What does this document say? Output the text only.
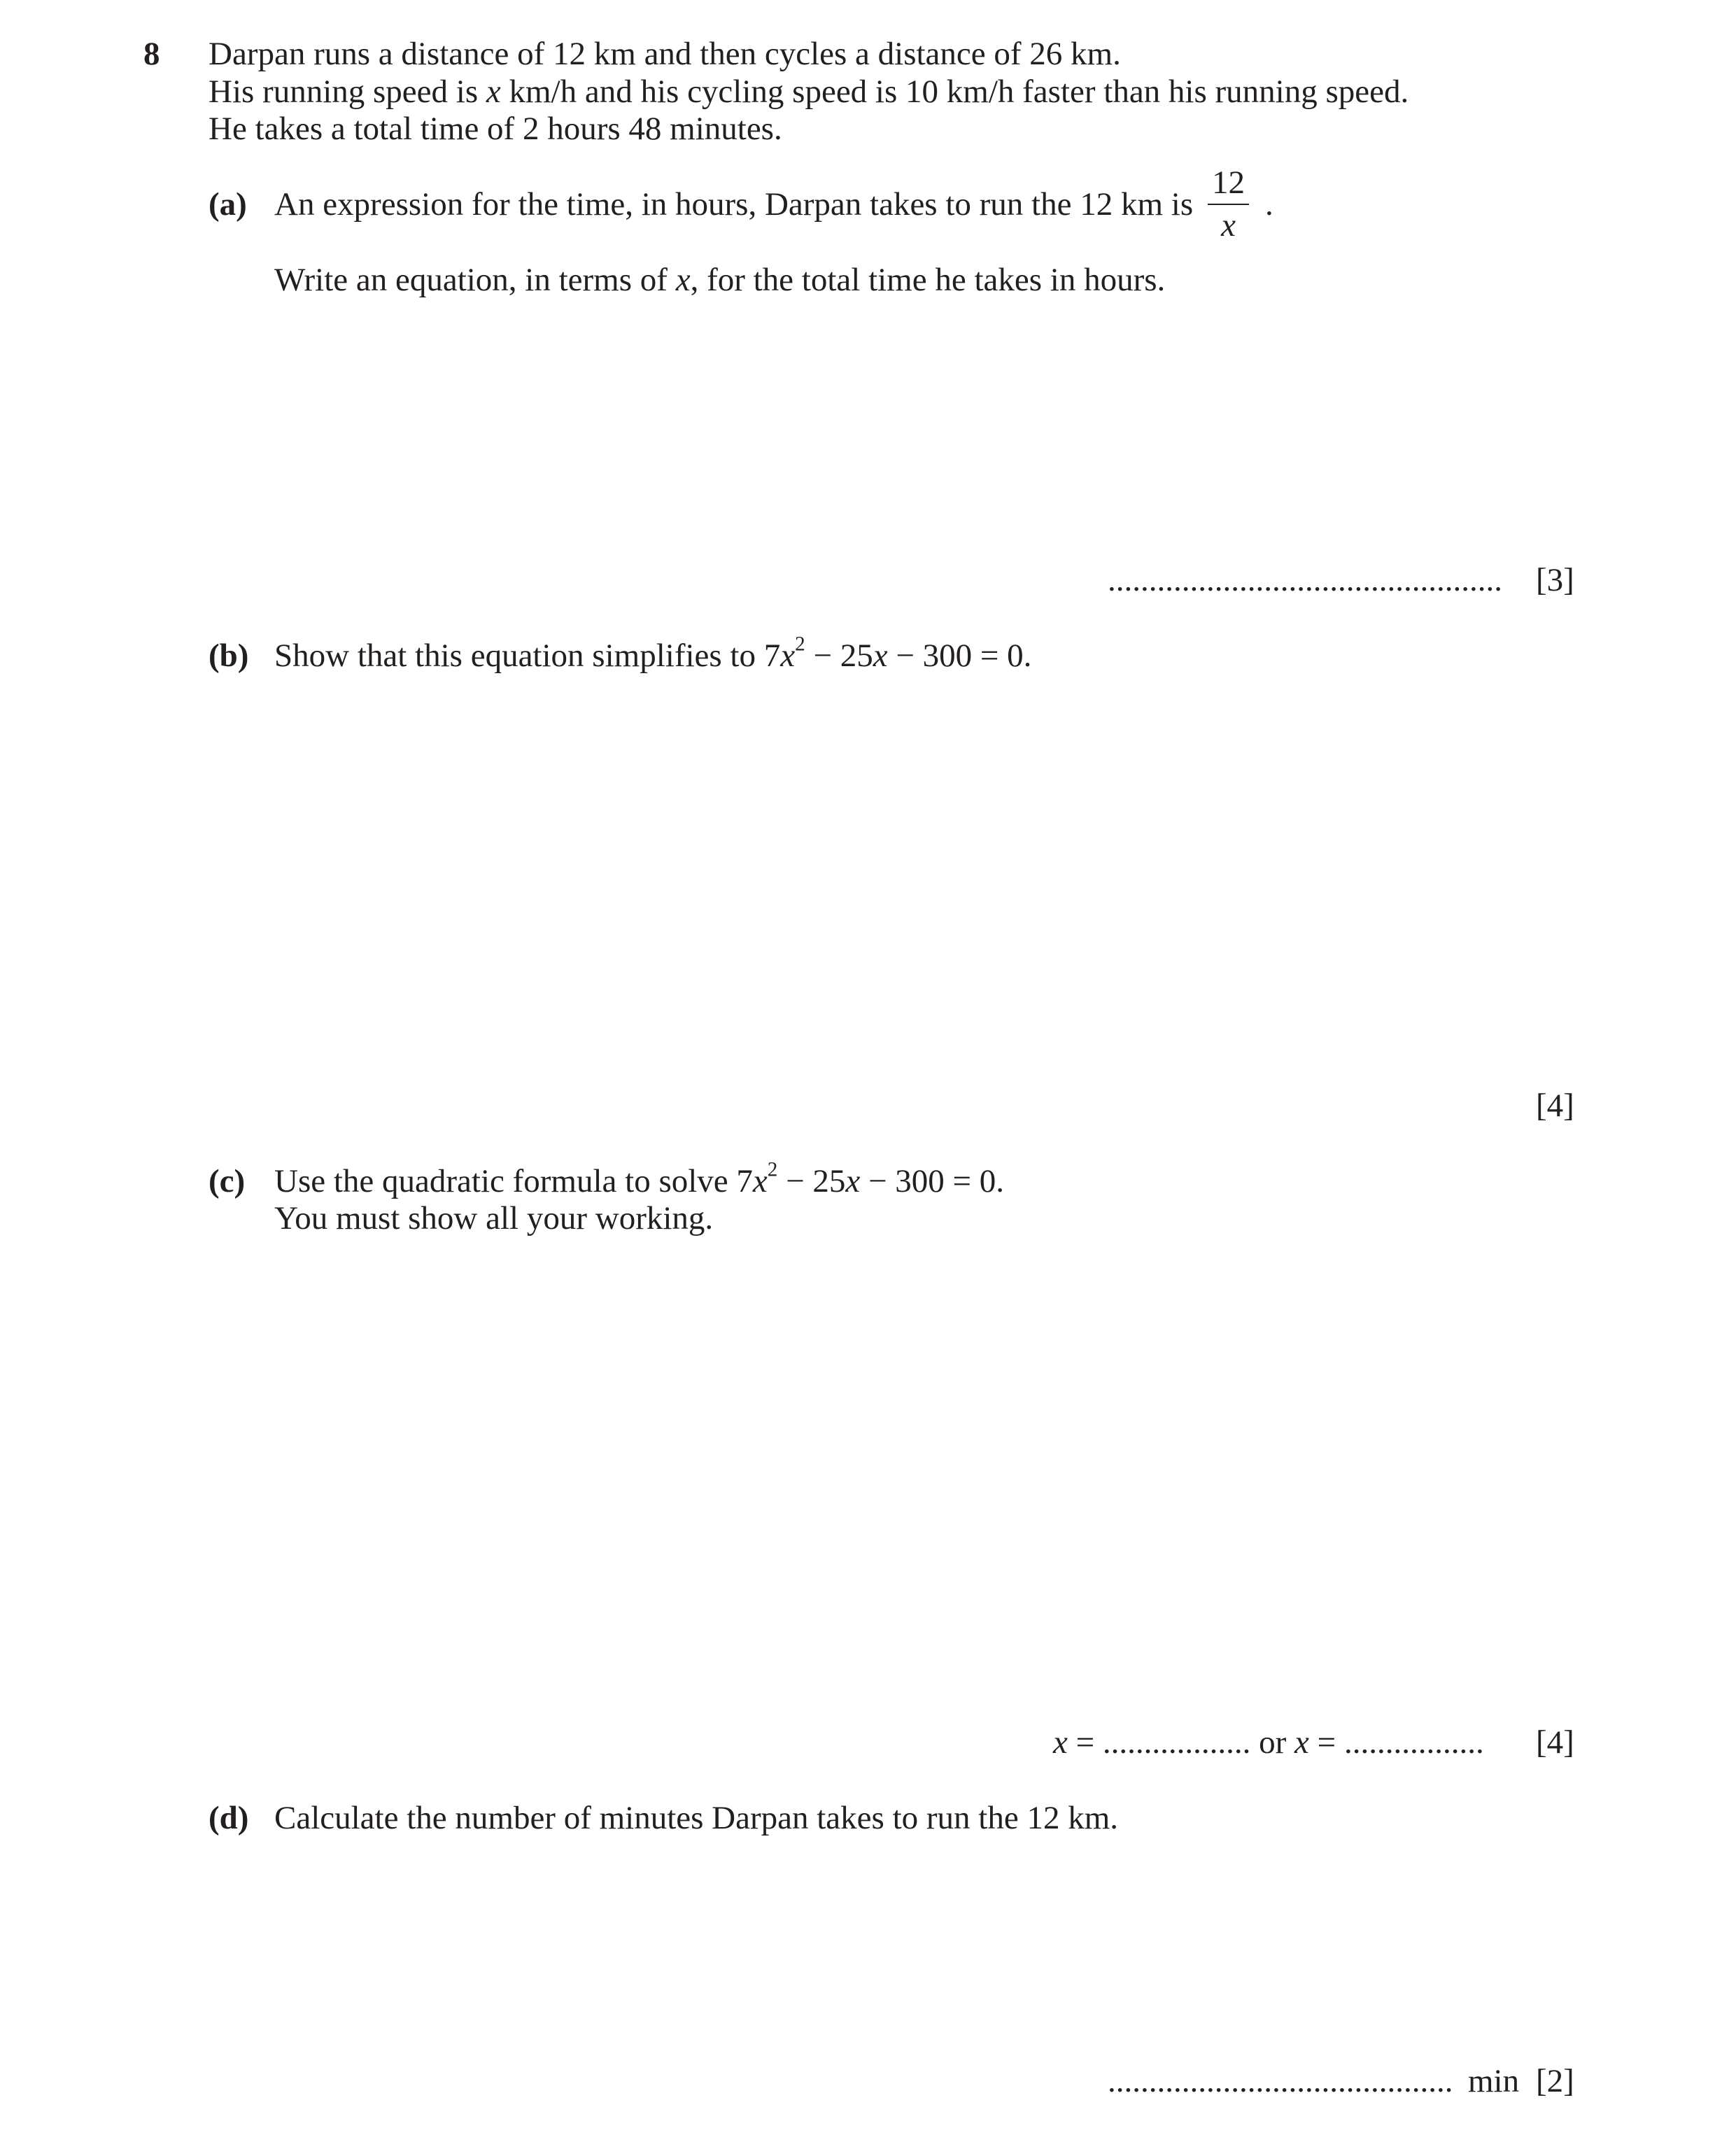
8 Darpan runs a distance of 12 km and then cycles a distance of 26 km.
His running speed is x km/h and his cycling speed is 10 km/h faster than his running speed.
He takes a total time of 2 hours 48 minutes.
(a) An expression for the time, in hours, Darpan takes to run the 12 km is $\frac{12}{x}$ .
Write an equation, in terms of x, for the total time he takes in hours.
................................................	[3]
(b) Show that this equation simplifies to $7x^2 - 25x - 300 = 0$.
[4]
(c) Use the quadratic formula to solve $7x^2 - 25x - 300 = 0$.
You must show all your working.
x = .................. or x = ................. [4]
(d) Calculate the number of minutes Darpan takes to run the 12 km.
.......................................... min [2]
